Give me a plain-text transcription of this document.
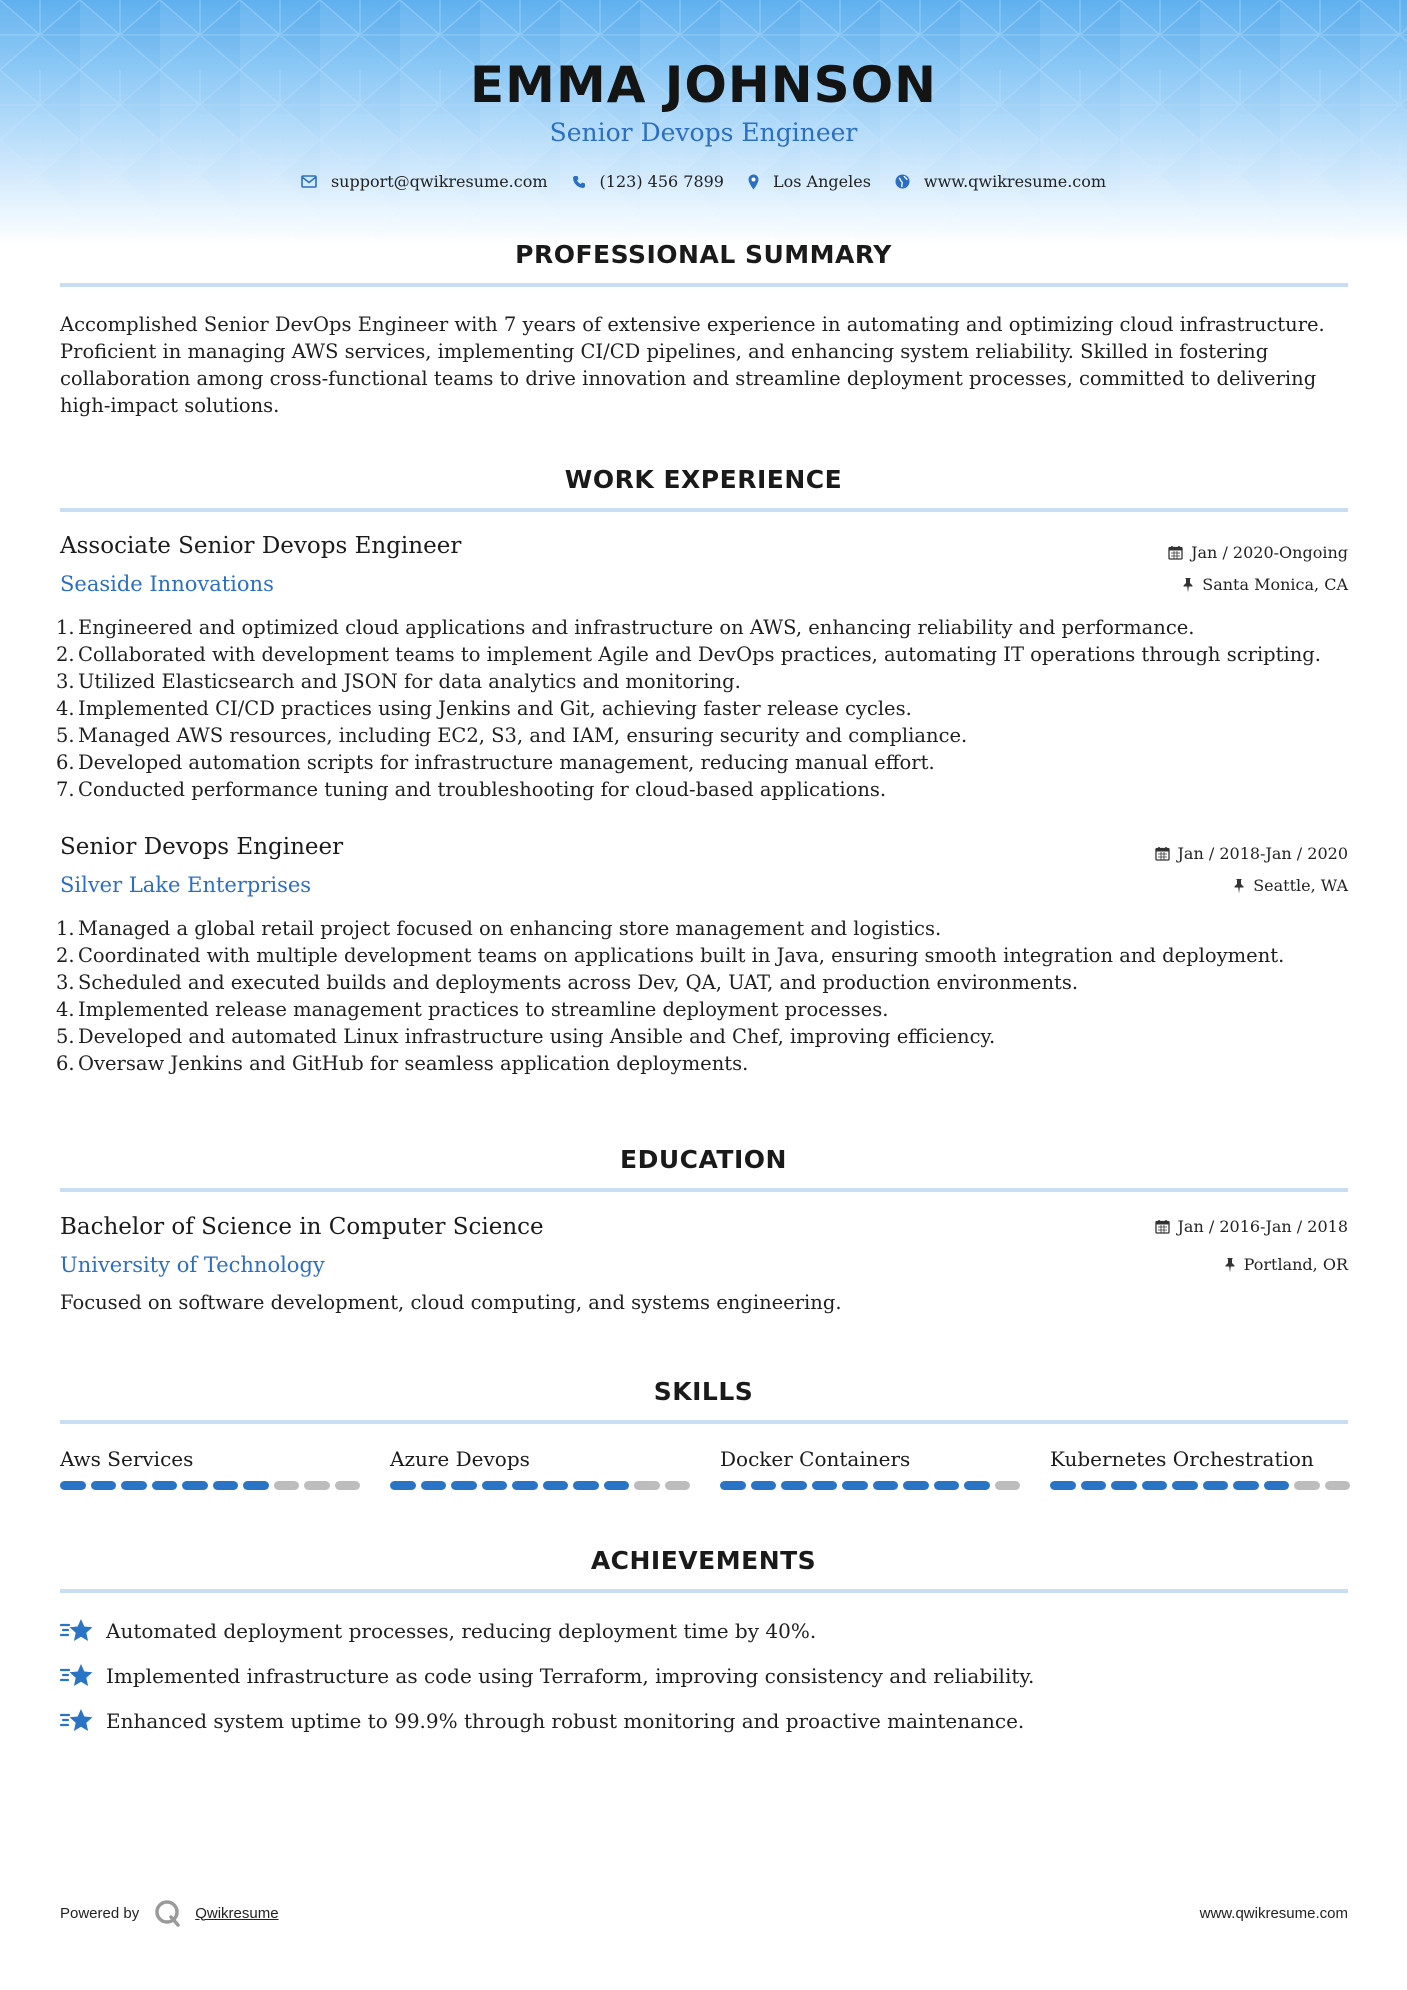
EMMA JOHNSON
Senior Devops Engineer
support@qwikresume.com	(123) 456 7899	Los Angeles	www.qwikresume.com
PROFESSIONAL SUMMARY
Accomplished Senior DevOps Engineer with 7 years of extensive experience in automating and optimizing cloud infrastructure. Proficient in managing AWS services, implementing CI/CD pipelines, and enhancing system reliability. Skilled in fostering collaboration among cross-functional teams to drive innovation and streamline deployment processes, committed to delivering high-impact solutions.
WORK EXPERIENCE
Associate Senior Devops Engineer
Seaside Innovations
Jan / 2020-Ongoing
Santa Monica, CA
1. Engineered and optimized cloud applications and infrastructure on AWS, enhancing reliability and performance.
2. Collaborated with development teams to implement Agile and DevOps practices, automating IT operations through scripting.
3. Utilized Elasticsearch and JSON for data analytics and monitoring.
4. Implemented CI/CD practices using Jenkins and Git, achieving faster release cycles.
5. Managed AWS resources, including EC2, S3, and IAM, ensuring security and compliance.
6. Developed automation scripts for infrastructure management, reducing manual effort.
7. Conducted performance tuning and troubleshooting for cloud-based applications.
Senior Devops Engineer
Silver Lake Enterprises
Jan / 2018-Jan / 2020
Seattle, WA
1. Managed a global retail project focused on enhancing store management and logistics.
2. Coordinated with multiple development teams on applications built in Java, ensuring smooth integration and deployment.
3. Scheduled and executed builds and deployments across Dev, QA, UAT, and production environments.
4. Implemented release management practices to streamline deployment processes.
5. Developed and automated Linux infrastructure using Ansible and Chef, improving efficiency.
6. Oversaw Jenkins and GitHub for seamless application deployments.
EDUCATION
Bachelor of Science in Computer Science
University of Technology
Jan / 2016-Jan / 2018
Portland, OR
Focused on software development, cloud computing, and systems engineering.
SKILLS
Aws Services	Azure Devops	Docker Containers	Kubernetes Orchestration
ACHIEVEMENTS
Automated deployment processes, reducing deployment time by 40%.
Implemented infrastructure as code using Terraform, improving consistency and reliability.
Enhanced system uptime to 99.9% through robust monitoring and proactive maintenance.
Powered by	Qwikresume	www.qwikresume.com
